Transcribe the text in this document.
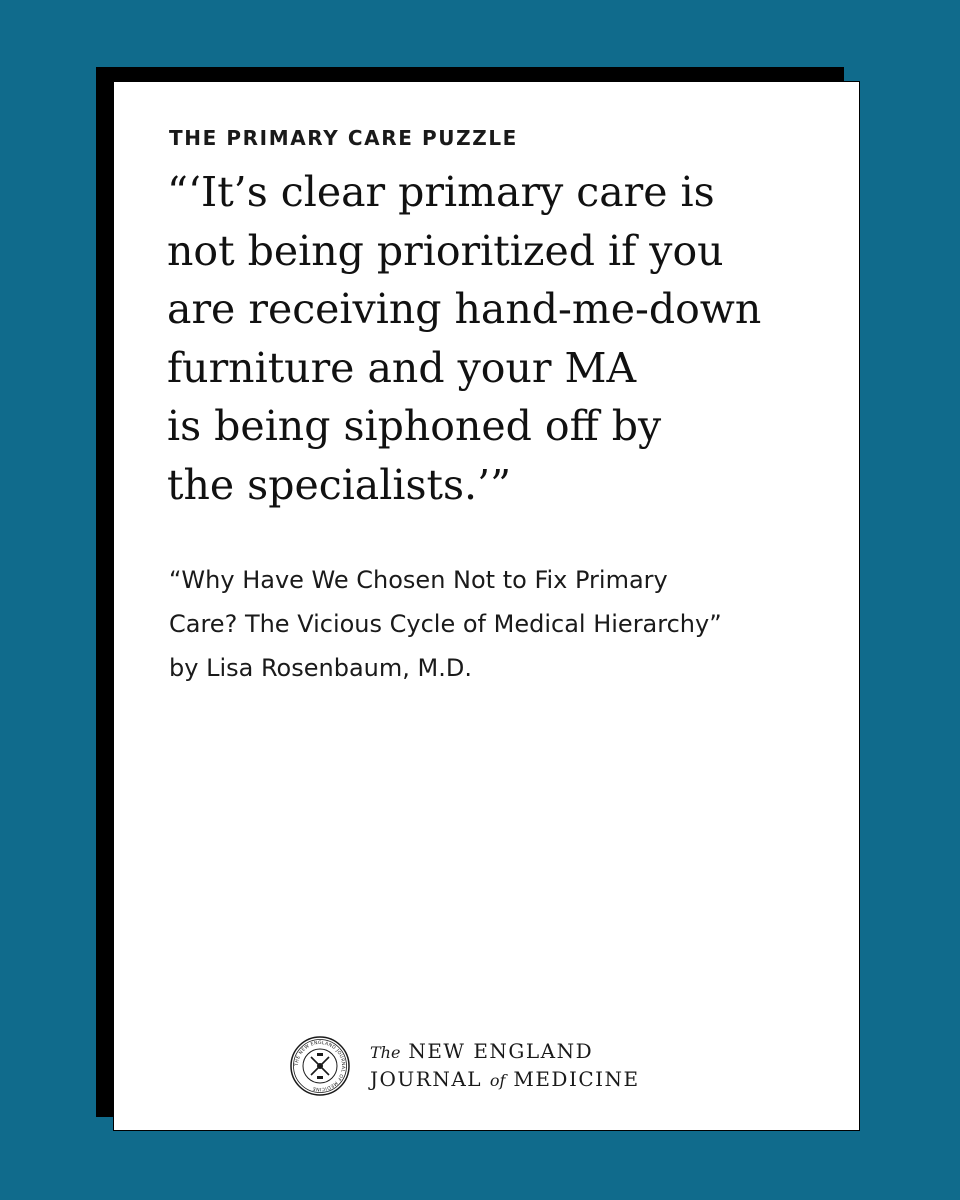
THE PRIMARY CARE PUZZLE
“‘It’s clear primary care is
not being prioritized if you
are receiving hand-me-down
furniture and your MA
is being siphoned off by
the specialists.’”
“Why Have We Chosen Not to Fix Primary
Care? The Vicious Cycle of Medical Hierarchy”
by Lisa Rosenbaum, M.D.
THE NEW ENGLAND JOURNAL OF MEDICINE
The NEW ENGLAND
JOURNAL of MEDICINE
